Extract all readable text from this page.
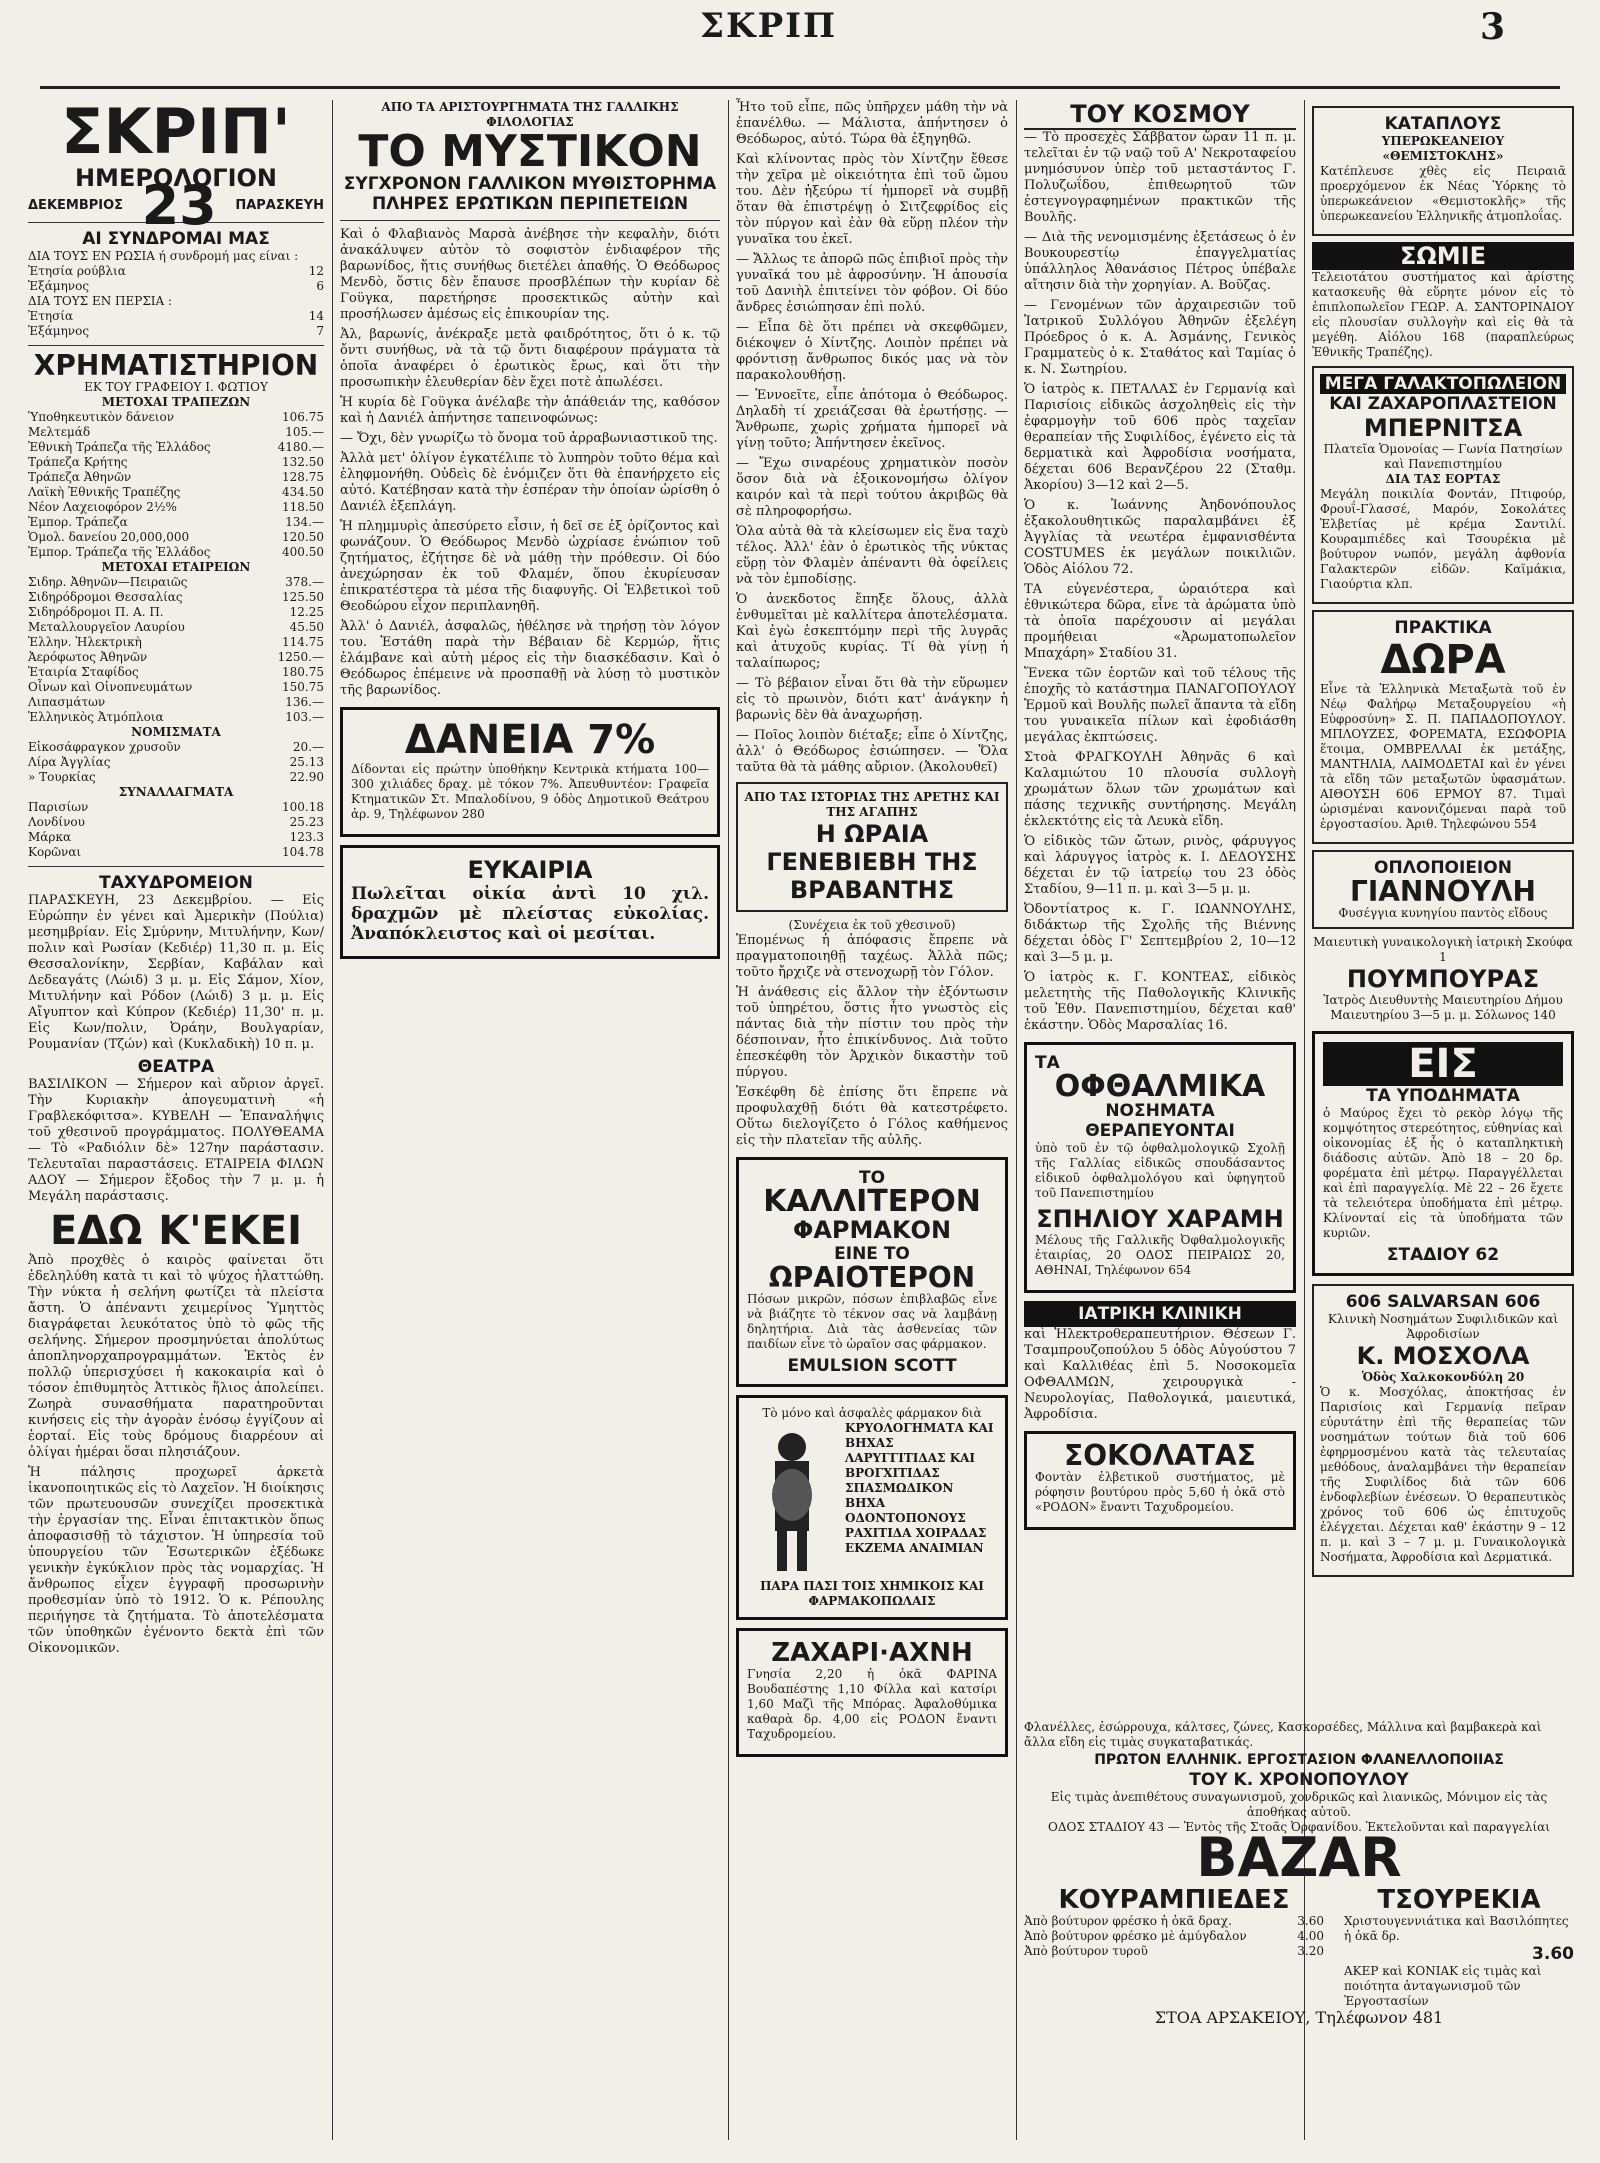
ΣΚΡΙΠ	3
ΣΚΡΙΠ'
ΗΜΕΡΟΛΟΓΙΟΝ
ΔΕΚΕΜΒΡΙΟΣ 23 ΠΑΡΑΣΚΕΥΗ
ΑΙ ΣΥΝΔΡΟΜΑΙ ΜΑΣ
ΔΙΑ ΤΟΥΣ ΕΝ ΡΩΣΙΑ ή συνδρομή μας είναι :
Ἐτησία ρούβλια	12
Ἑξάμηνος	6
ΔΙΑ ΤΟΥΣ ΕΝ ΠΕΡΣΙΑ :
Ἐτησία	14
Ἑξάμηνος	7
ΧΡΗΜΑΤΙΣΤΗΡΙΟΝ
ΕΚ ΤΟΥ ΓΡΑΦΕΙΟΥ Ι. ΦΩΤΙΟΥ
ΜΕΤΟΧΑΙ ΤΡΑΠΕΖΩΝ
Ὑποθηκευτικὸν δάνειον	106.75
Μελτεμάδ	105.—
Ἐθνικὴ Τράπεζα τῆς Ἑλλάδος	4180.—
Τράπεζα Κρήτης	132.50
Τράπεζα Ἀθηνῶν	128.75
Λαϊκὴ Ἐθνικῆς Τραπέζης	434.50
Νέον Λαχειοφόρον 2½%	118.50
Ἐμπορ. Τράπεζα	134.—
Ὁμολ. δανείου 20,000,000	120.50
Ἐμπορ. Τράπεζα τῆς Ἑλλάδος	400.50
ΜΕΤΟΧΑΙ ΕΤΑΙΡΕΙΩΝ
Σιδηρ. Ἀθηνῶν—Πειραιῶς	378.—
Σιδηρόδρομοι Θεσσαλίας	125.50
Σιδηρόδρομοι Π. Α. Π.	12.25
Μεταλλουργεῖον Λαυρίου	45.50
Ἑλλην. Ἠλεκτρικὴ	114.75
Ἀερόφωτος Ἀθηνῶν	1250.—
Ἑταιρία Σταφίδος	180.75
Οἶνων καὶ Οἰνοπνευμάτων	150.75
Λιπασμάτων	136.—
Ἑλληνικὸς Ἀτμόπλοια	103.—
ΝΟΜΙΣΜΑΤΑ
Εἰκοσάφραγκον χρυσοῦν	20.—
Λίρα Ἀγγλίας	25.13
» Τουρκίας	22.90
ΣΥΝΑΛΛΑΓΜΑΤΑ
Παρισίων	100.18
Λονδίνου	25.23
Μάρκα	123.3
Κορῶναι	104.78
ΤΑΧΥΔΡΟΜΕΙΟΝ

ΠΑΡΑΣΚΕΥΗ, 23 Δεκεμβρίου. — Εἰς Εὐρώπην ἐν γένει καὶ Ἀμερικὴν (Πούλια) μεσημβρίαν. Εἰς Σμύρνην, Μιτυλήνην, Κων/πολιν καὶ Ρωσίαν (Κεδιέρ) 11,30 π. μ. Εἰς Θεσσαλονίκην, Σερβίαν, Καβάλαν καὶ Δεδεαγάτς (Λώιδ) 3 μ. μ. Εἰς Σάμον, Χίον, Μιτυλήνην καὶ Ρόδον (Λώιδ) 3 μ. μ. Εἰς Αἴγυπτον καὶ Κύπρον (Κεδιέρ) 11,30' π. μ. Εἰς Κων/πολιν, Ὀράην, Βουλγαρίαν, Ρουμανίαν (Τζών) καὶ (Κυκλαδικὴ) 10 π. μ.

ΘΕΑΤΡΑ

ΒΑΣΙΛΙΚΟΝ — Σήμερον καὶ αὔριον ἀργεῖ. Τὴν Κυριακὴν ἀπογευματινὴ «ἡ Γραβλεκόφιτσα». ΚΥΒΕΛΗ — Ἐπαναλήψις τοῦ χθεσινοῦ προγράμματος. ΠΟΛΥΘΕΑΜΑ — Τὸ «Ραδιόλιν δὲ» 127ην παράστασιν. Τελευταῖαι παραστάσεις. ΕΤΑΙΡΕΙΑ ΦΙΛΩΝ ΑΔΟΥ — Σήμερον ἔξοδος τὴν 7 μ. μ. ἡ Μεγάλη παράστασις.

ΕΔΩ Κ'ΕΚΕΙ

Ἀπὸ προχθὲς ὁ καιρὸς φαίνεται ὅτι ἐδεληλύθη κατὰ τι καὶ τὸ ψύχος ἠλαττώθη. Τὴν νύκτα ἡ σελήνη φωτίζει τὰ πλείστα ἄστη. Ὁ ἀπέναντι χειμερίνος Ὑμηττὸς διαγράφεται λευκότατος ὑπὸ τὸ φῶς τῆς σελήνης. Σήμερον προσμηνύεται ἀπολύτως ἀποπληνορχαπρογραμμάτων. Ἐκτὸς ἐν πολλῷ ὑπερισχύσει ἡ κακοκαιρία καὶ ὁ τόσον ἐπιθυμητὸς Ἀττικὸς ἥλιος ἀπολείπει. Ζωηρὰ συνασθήματα παρατηροῦνται κινήσεις εἰς τὴν ἀγορὰν ἐνόσῳ ἐγγίζουν αἱ ἑορταί. Εἰς τοὺς δρόμους διαρρέουν αἱ ὀλίγαι ἡμέραι ὅσαι πλησιάζουν.

Ἡ πάλησις προχωρεῖ ἀρκετὰ ἱκανοποιητικῶς εἰς τὸ Λαχεῖον. Ἡ διοίκησις τῶν πρωτευουσῶν συνεχίζει προσεκτικὰ τὴν ἐργασίαν της. Εἶναι ἐπιτακτικὸν ὅπως ἀποφασισθῇ τὸ τάχιστον. Ἡ ὑπηρεσία τοῦ ὑπουργείου τῶν Ἐσωτερικῶν ἐξέδωκε γενικὴν ἐγκύκλιον πρὸς τὰς νομαρχίας. Ἡ ἄνθρωπος εἶχεν ἐγγραφῆ προσωρινὴν προθεσμίαν ὑπὸ τὸ 1912. Ὁ κ. Ρέπουλης περιήγησε τὰ ζητήματα. Τὸ ἀποτελέσματα τῶν ὑποθηκῶν ἐγένοντο δεκτὰ ἐπὶ τῶν Οἰκονομικῶν.

ΑΠΟ ΤΑ ΑΡΙΣΤΟΥΡΓΗΜΑΤΑ ΤΗΣ ΓΑΛΛΙΚΗΣ ΦΙΛΟΛΟΓΙΑΣ
ΤΟ ΜΥΣΤΙΚΟΝ
ΣΥΓΧΡΟΝΟΝ ΓΑΛΛΙΚΟΝ ΜΥΘΙΣΤΟΡΗΜΑ
ΠΛΗΡΕΣ ΕΡΩΤΙΚΩΝ ΠΕΡΙΠΕΤΕΙΩΝ

Καὶ ὁ Φλαβιανὸς Μαρσὰ ἀνέβησε τὴν κεφαλὴν, διότι ἀνακάλυψεν αὐτὸν τὸ σοφιστὸν ἐνδιαφέρον τῆς βαρωνίδος, ἥτις συνήθως διετέλει ἀπαθής. Ὁ Θεόδωρος Μενδὸ, ὅστις δὲν ἔπαυσε προσβλέπων τὴν κυρίαν δὲ Γοϋγκα, παρετήρησε προσεκτικῶς αὐτὴν καὶ προσήλωσεν ἀμέσως εἰς ἐπικουρίαν της.

Ἀλ, βαρωνίς, ἀνέκραξε μετὰ φαιδρότητος, ὅτι ὁ κ. τῷ ὄντι συνήθως, νὰ τὰ τῷ ὄντι διαφέρουν πράγματα τὰ ὁποῖα ἀναφέρει ὁ ἐρωτικὸς ἔρως, καὶ ὅτι τὴν προσωπικὴν ἐλευθερίαν δὲν ἔχει ποτὲ ἀπωλέσει.

Ἡ κυρία δὲ Γοϋγκα ἀνέλαβε τὴν ἀπάθειάν της, καθόσον καὶ ἡ Δανιέλ ἀπήντησε ταπεινοφώνως:

— Ὄχι, δὲν γνωρίζω τὸ ὄνομα τοῦ ἀρραβωνιαστικοῦ της.

Ἀλλὰ μετ' ὀλίγον ἐγκατέλιπε τὸ λυπηρὸν τοῦτο θέμα καὶ ἐληφμονήθη. Οὐδεὶς δὲ ἐνόμιζεν ὅτι θὰ ἐπανήρχετο εἰς αὐτό. Κατέβησαν κατὰ τὴν ἑσπέραν τὴν ὁποίαν ὡρίσθη ὁ Δανιέλ ἐξεπλάγη.

Ἡ πλημμυρὶς ἀπεσύρετο εἶσιν, ἡ δεῖ σε ἐξ ὁρίζοντος καὶ φωνάζουν. Ὁ Θεόδωρος Μενδὸ ὠχρίασε ἐνώπιον τοῦ ζητήματος, ἐζήτησε δὲ νὰ μάθῃ τὴν πρόθεσιν. Οἱ δύο ἀνεχώρησαν ἐκ τοῦ Φλαμέν, ὅπου ἐκυρίευσαν ἐπικρατέστερα τὰ μέσα τῆς διαφυγῆς. Οἱ Ἑλβετικοὶ τοῦ Θεοδώρου εἶχον περιπλανηθῆ.

Ἀλλ' ὁ Δανιέλ, ἀσφαλῶς, ἠθέλησε νὰ τηρήσῃ τὸν λόγον του. Ἐστάθη παρὰ τὴν Βέβαιαν δὲ Κερμώρ, ἥτις ἐλάμβανε καὶ αὐτὴ μέρος εἰς τὴν διασκέδασιν. Καὶ ὁ Θεόδωρος ἐπέμεινε νὰ προσπαθῇ νὰ λύσῃ τὸ μυστικὸν τῆς βαρωνίδος.

ΔΑΝΕΙΑ 7%

Δίδονται εἰς πρώτην ὑποθήκην Κεντρικὰ κτήματα 100—300 χιλιάδες δραχ. μὲ τόκον 7%. Ἀπευθυντέον: Γραφεῖα Κτηματικῶν Στ. Μπαλοδίνου, 9 ὁδὸς Δημοτικοῦ Θεάτρου ἀρ. 9, Τηλέφωνον 280

ΕΥΚΑΙΡΙΑ

Πωλεῖται οἰκία ἀντὶ 10 χιλ. δραχμῶν μὲ πλείστας εὐκολίας. Ἀναπόκλειστος καὶ οἱ μεσίται.

Ἦτο τοῦ εἶπε, πῶς ὑπῆρχεν μάθη τὴν νὰ ἐπανέλθω. — Μάλιστα, ἀπήντησεν ὁ Θεόδωρος, αὐτό. Τώρα θὰ ἐξηγηθῶ.

Καὶ κλίνοντας πρὸς τὸν Χίντζην ἔθεσε τὴν χεῖρα μὲ οἰκειότητα ἐπὶ τοῦ ὤμου του. Δὲν ἠξεύρω τί ἠμπορεῖ νὰ συμβῇ ὅταν θὰ ἐπιστρέψῃ ὁ Σιτζεφρίδος εἰς τὸν πύργον καὶ ἐὰν θὰ εὕρῃ πλέον τὴν γυναῖκα του ἐκεῖ.

— Ἄλλως τε ἀπορῶ πῶς ἐπιβιοῖ πρὸς τὴν γυναῖκά του μὲ ἀφροσύνην. Ἡ ἀπουσία τοῦ Δανιὴλ ἐπιτείνει τὸν φόβον. Οἱ δύο ἄνδρες ἐσιώπησαν ἐπὶ πολύ.

— Εἶπα δὲ ὅτι πρέπει νὰ σκεφθῶμεν, διέκοψεν ὁ Χίντζης. Λοιπὸν πρέπει νὰ φρόντισῃ ἄνθρωπος δικός μας νὰ τὸν παρακολουθήσῃ.

— Ἐννοεῖτε, εἶπε ἀπότομα ὁ Θεόδωρος. Δηλαδὴ τί χρειάζεσαι θὰ ἐρωτήσῃς. — Ἄνθρωπε, χωρὶς χρήματα ἠμπορεῖ νὰ γίνῃ τοῦτο; Ἀπήντησεν ἐκεῖνος.

— Ἔχω σιναρέους χρηματικὸν ποσὸν ὅσον διὰ νὰ ἐξοικονομήσω ὀλίγον καιρόν καὶ τὰ περὶ τούτου ἀκριβῶς θὰ σὲ πληροφορήσω.

Ὁλα αὐτὰ θὰ τὰ κλείσωμεν εἰς ἕνα ταχὺ τέλος. Ἀλλ' ἐὰν ὁ ἐρωτικὸς τῆς νύκτας εὕρῃ τὸν Φλαμὲν ἀπέναντι θὰ ὀφείλεις νὰ τὸν ἐμποδίσῃς.

Ὁ ἀνεκδοτος ἔπηξε ὅλους, ἀλλὰ ἐνθυμεῖται μὲ καλλίτερα ἀποτελέσματα. Καὶ ἐγὼ ἐσκεπτόμην περὶ τῆς λυγρᾶς καὶ ἀτυχοῦς κυρίας. Τί θὰ γίνῃ ἡ ταλαίπωρος;

— Τὸ βέβαιον εἶναι ὅτι θὰ τὴν εὕρωμεν εἰς τὸ πρωινὸν, διότι κατ' ἀνάγκην ἡ βαρωνὶς δὲν θὰ ἀναχωρήσῃ.

— Ποῖος λοιπὸν διέταξε; εἶπε ὁ Χίντζης, ἀλλ' ὁ Θεόδωρος ἐσιώπησεν. — Ὅλα ταῦτα θὰ τὰ μάθης αὔριον. (Ἀκολουθεῖ)

ΑΠΟ ΤΑΣ ΙΣΤΟΡΙΑΣ ΤΗΣ ΑΡΕΤΗΣ ΚΑΙ ΤΗΣ ΑΓΑΠΗΣ
Η ΩΡΑΙΑ ΓΕΝΕΒΙΕΒΗ ΤΗΣ ΒΡΑΒΑΝΤΗΣ
(Συνέχεια ἐκ τοῦ χθεσινοῦ)

Ἐπομένως ἡ ἀπόφασις ἔπρεπε νὰ πραγματοποιηθῇ ταχέως. Ἀλλὰ πῶς; τοῦτο ἤρχιζε νὰ στενοχωρῇ τὸν Γόλον.

Ἡ ἀνάθεσις εἰς ἄλλον τὴν ἐξόντωσιν τοῦ ὑπηρέτου, ὅστις ἦτο γνωστὸς εἰς πάντας διὰ τὴν πίστιν του πρὸς τὴν δέσποιναν, ἦτο ἐπικίνδυνος. Διὰ τοῦτο ἐπεσκέφθη τὸν Ἀρχικὸν δικαστὴν τοῦ πύργου.

Ἐσκέφθη δὲ ἐπίσης ὅτι ἔπρεπε νὰ προφυλαχθῇ διότι θὰ κατεστρέφετο. Οὕτω διελογίζετο ὁ Γόλος καθήμενος εἰς τὴν πλατεῖαν τῆς αὐλῆς.

ΤΟ
ΚΑΛΛΙΤΕΡΟΝ
ΦΑΡΜΑΚΟΝ
ΕΙΝΕ ΤΟ
ΩΡΑΙΟΤΕΡΟΝ

Πόσων μικρῶν, πόσων ἐπιβλαβῶς εἶνε νὰ βιάζητε τὸ τέκνον σας νὰ λαμβάνῃ δηλητήρια. Διὰ τὰς ἀσθενείας τῶν παιδίων εἶνε τὸ ὡραῖον σας φάρμακον.

EMULSION SCOTT
Τὸ μόνο καὶ ἀσφαλὲς φάρμακον διὰ
ΚΡΥΟΛΟΓΗΜΑΤΑ ΚΑΙ ΒΗΧΑΣ ΛΑΡΥΓΓΙΤΙΔΑΣ ΚΑΙ ΒΡΟΓΧΙΤΙΔΑΣ ΣΠΑΣΜΩΔΙΚΟΝ ΒΗΧΑ ΟΔΟΝΤΟΠΟΝΟΥΣ ΡΑΧΙΤΙΔΑ ΧΟΙΡΑΔΑΣ ΕΚΖΕΜΑ ΑΝΑΙΜΙΑΝ
ΠΑΡΑ ΠΑΣΙ ΤΟΙΣ ΧΗΜΙΚΟΙΣ ΚΑΙ ΦΑΡΜΑΚΟΠΩΛΑΙΣ
ΖΑΧΑΡΙ·ΑΧΝΗ

Γνησία 2,20 ἡ ὀκᾶ ΦΑΡΙΝΑ Βουδαπέστης 1,10 Φίλλα καὶ κατσίρι 1,60 Μαζὶ τῆς Μπόρας. Ἀφαλοθύμικα καθαρὰ δρ. 4,00 εἰς ΡΟΔΟΝ ἔναντι Ταχυδρομείου.

ΤΟΥ ΚΟΣΜΟΥ

— Τὸ προσεχὲς Σάββατον ὥραν 11 π. μ. τελεῖται ἐν τῷ ναῷ τοῦ Α' Νεκροταφείου μνημόσυνον ὑπὲρ τοῦ μεταστάντος Γ. Πολυζωΐδου, ἐπιθεωρητοῦ τῶν ἐστεγνογραφημένων πρακτικῶν τῆς Βουλῆς.

— Διὰ τῆς νενομισμένης ἐξετάσεως ὁ ἐν Βουκουρεστίῳ ἐπαγγελματίας ὑπάλληλος Ἀθανάσιος Πέτρος ὑπέβαλε αἴτησιν διὰ τὴν χορηγίαν. Α. Βοῦζας.

— Γενομένων τῶν ἀρχαιρεσιῶν τοῦ Ἰατρικοῦ Συλλόγου Ἀθηνῶν ἐξελέγη Πρόεδρος ὁ κ. Α. Ἀσμάνης, Γενικὸς Γραμματεὺς ὁ κ. Σταθάτος καὶ Ταμίας ὁ κ. Ν. Σωτηρίου.

Ὁ ἰατρὸς κ. ΠΕΤΑΛΑΣ ἐν Γερμανίᾳ καὶ Παρισίοις εἰδικῶς ἀσχοληθεὶς εἰς τὴν ἐφαρμογὴν τοῦ 606 πρὸς ταχεῖαν θεραπείαν τῆς Συφιλίδος, ἐγένετο εἰς τὰ δερματικὰ καὶ Ἀφροδίσια νοσήματα, δέχεται 606 Βερανζέρου 22 (Σταθμ. Ἀκορίου) 3—12 καὶ 2—5.

Ὁ κ. Ἰωάννης Ἀηδονόπουλος ἐξακολουθητικῶς παραλαμβάνει ἐξ Ἀγγλίας τὰ νεωτέρα ἐμφανισθέντα COSTUMES ἐκ μεγάλων ποικιλιῶν. Ὁδὸς Αἰόλου 72.

ΤΑ εὐγενέστερα, ὡραιότερα καὶ ἐθνικώτερα δῶρα, εἶνε τὰ ἀρώματα ὑπὸ τὰ ὁποῖα παρέχουσιν αἱ μεγάλαι προμήθειαι «Ἀρωματοπωλεῖον Μπαχάρη» Σταδίου 31.

Ἕνεκα τῶν ἑορτῶν καὶ τοῦ τέλους τῆς ἐποχῆς τὸ κατάστημα ΠΑΝΑΓΟΠΟΥΛΟΥ Ἑρμοῦ καὶ Βουλῆς πωλεῖ ἅπαντα τὰ εἴδη του γυναικεῖα πίλων καὶ ἐφοδιάσθη μεγάλας ἐκπτώσεις.

Στοὰ ΦΡΑΓΚΟΥΛΗ Ἀθηνᾶς 6 καὶ Καλαμιώτου 10 πλουσία συλλογὴ χρωμάτων ὅλων τῶν χρωμάτων καὶ πάσης τεχνικῆς συντήρησης. Μεγάλη ἐκλεκτότης εἰς τὰ Λευκὰ εἴδη.

Ὁ εἰδικὸς τῶν ὤτων, ρινὸς, φάρυγγος καὶ λάρυγγος ἰατρὸς κ. Ι. ΔΕΔΟΥΣΗΣ δέχεται ἐν τῷ ἰατρείῳ του 23 ὁδὸς Σταδίου, 9—11 π. μ. καὶ 3—5 μ. μ.

Ὀδοντίατρος κ. Γ. ΙΩΑΝΝΟΥΛΗΣ, διδάκτωρ τῆς Σχολῆς τῆς Βιέννης δέχεται ὁδὸς Γ' Σεπτεμβρίου 2, 10—12 καὶ 3—5 μ. μ.

Ὁ ἰατρὸς κ. Γ. ΚΟΝΤΕΑΣ, εἰδικὸς μελετητὴς τῆς Παθολογικῆς Κλινικῆς τοῦ Ἐθν. Πανεπιστημίου, δέχεται καθ' ἑκάστην. Ὁδὸς Μαρσαλίας 16.

ΤΑ
ΟΦΘΑΛΜΙΚΑ
ΝΟΣΗΜΑΤΑ
ΘΕΡΑΠΕΥΟΝΤΑΙ

ὑπὸ τοῦ ἐν τῷ ὀφθαλμολογικῷ Σχολῇ τῆς Γαλλίας εἰδικῶς σπουδάσαντος εἰδικοῦ ὀφθαλμολόγου καὶ ὑφηγητοῦ τοῦ Πανεπιστημίου

ΣΠΗΛΙΟΥ ΧΑΡΑΜΗ

Μέλους τῆς Γαλλικῆς Ὀφθαλμολογικῆς ἑταιρίας, 20 ΟΔΟΣ ΠΕΙΡΑΙΩΣ 20, ΑΘΗΝΑΙ, Τηλέφωνον 654

ΙΑΤΡΙΚΗ ΚΛΙΝΙΚΗ

καὶ Ἠλεκτροθεραπευτήριον. Θέσεων Γ. Τσαμπρουζοπούλου 5 ὁδὸς Αὐγούστου 7 καὶ Καλλιθέας ἐπὶ 5. Νοσοκομεῖα ΟΦΘΑΛΜΩΝ, χειρουργικὰ - Νευρολογίας, Παθολογικά, μαιευτικά, Ἀφροδίσια.

ΣΟΚΟΛΑΤΑΣ

Φοντὰν ἐλβετικοῦ συστήματος, μὲ ρόφησιν βουτύρου πρὸς 5,60 ἡ ὀκᾶ στὸ «ΡΟΔΟΝ» ἔναντι Ταχυδρομείου.

ΚΑΤΑΠΛΟΥΣ
ΥΠΕΡΩΚΕΑΝΕΙΟΥ «ΘΕΜΙΣΤΟΚΛΗΣ»

Κατέπλευσε χθὲς εἰς Πειραιᾶ προερχόμενον ἐκ Νέας Ὑόρκης τὸ ὑπερωκεάνειον «Θεμιστοκλῆς» τῆς ὑπερωκεανείου Ἑλληνικῆς ἀτμοπλοΐας.

ΣΩΜΙΕ

Τελειοτάτου συστήματος καὶ ἀρίστης κατασκευῆς θὰ εὕρητε μόνον εἰς τὸ ἐπιπλοπωλεῖον ΓΕΩΡ. Α. ΣΑΝΤΟΡΙΝΑΙΟΥ εἰς πλουσίαν συλλογὴν καὶ εἰς θὰ τὰ μεγέθη. Αἰόλου 168 (παραπλεύρως Ἐθνικῆς Τραπέζης).

ΜΕΓΑ ΓΑΛΑΚΤΟΠΩΛΕΙΟΝ
ΚΑΙ ΖΑΧΑΡΟΠΛΑΣΤΕΙΟΝ
ΜΠΕΡΝΙΤΣΑ
Πλατεῖα Ὁμονοίας — Γωνία Πατησίων καὶ Πανεπιστημίου
ΔΙΑ ΤΑΣ ΕΟΡΤΑΣ

Μεγάλη ποικιλία Φοντάν, Πτιφούρ, Φρουΐ-Γλασσέ, Μαρόν, Σοκολάτες Ἑλβετίας μὲ κρέμα Σαντιλί. Κουραμπιέδες καὶ Τσουρέκια μὲ βούτυρον νωπόν, μεγάλη ἀφθονία Γαλακτερῶν εἰδῶν. Καϊμάκια, Γιαούρτια κλπ.

ΠΡΑΚΤΙΚΑ
ΔΩΡΑ

Εἶνε τὰ Ἑλληνικὰ Μεταξωτὰ τοῦ ἐν Νέῳ Φαλήρῳ Μεταξουργείου «ἡ Εὐφροσύνη» Σ. Π. ΠΑΠΑΔΟΠΟΥΛΟΥ. ΜΠΛΟΥΖΕΣ, ΦΟΡΕΜΑΤΑ, ΕΣΩΦΟΡΙΑ ἕτοιμα, ΟΜΒΡΕΛΛΑΙ ἐκ μετάξης, ΜΑΝΤΗΛΙΑ, ΛΑΙΜΟΔΕΤΑΙ καὶ ἐν γένει τὰ εἴδη τῶν μεταξωτῶν ὑφασμάτων. ΑΙΘΟΥΣΗ 606 ΕΡΜΟΥ 87. Τιμαὶ ὡρισμέναι κανονιζόμεναι παρὰ τοῦ ἐργοστασίου. Ἀριθ. Τηλεφώνου 554

ΟΠΛΟΠΟΙΕΙΟΝ
ΓΙΑΝΝΟΥΛΗ
Φυσέγγια κυνηγίου παντὸς εἴδους
Μαιευτικὴ γυναικολογικὴ ἰατρικὴ Σκούφα 1
ΠΟΥΜΠΟΥΡΑΣ
Ἰατρὸς Διευθυντὴς Μαιευτηρίου Δήμου Μαιευτηρίου 3—5 μ. μ. Σόλωνος 140
ΕΙΣ
ΤΑ ΥΠΟΔΗΜΑΤΑ

ὁ Μαύρος ἔχει τὸ ρεκὸρ λόγῳ τῆς κομψότητος στερεότητος, εὐθηνίας καὶ οἰκονομίας ἐξ ἧς ὁ καταπληκτικὴ διάδοσις αὐτῶν. Ἀπὸ 18 – 20 δρ. φορέματα ἐπὶ μέτρῳ. Παραγγέλλεται καὶ ἐπὶ παραγγελίᾳ. Μὲ 22 – 26 ἔχετε τὰ τελειότερα ὑποδήματα ἐπὶ μέτρῳ. Κλίνονταί εἰς τὰ ὑποδήματα τῶν κυριῶν.

ΣΤΑΔΙΟΥ 62
606 SALVARSAN 606
Κλινικὴ Νοσημάτων Συφιλιδικῶν καὶ Ἀφροδισίων
Κ. ΜΟΣΧΟΛΑ
Ὁδὸς Χαλκοκονδύλη 20

Ὁ κ. Μοσχόλας, ἀποκτήσας ἐν Παρισίοις καὶ Γερμανίᾳ πεῖραν εὐρυτάτην ἐπὶ τῆς θεραπείας τῶν νοσημάτων τούτων διὰ τοῦ 606 ἐφηρμοσμένου κατὰ τὰς τελευταίας μεθόδους, ἀναλαμβάνει τὴν θεραπείαν τῆς Συφιλίδος διὰ τῶν 606 ἐνδοφλεβίων ἐνέσεων. Ὁ θεραπευτικὸς χρόνος τοῦ 606 ὡς ἐπιτυχοῦς ἐλέγχεται. Δέχεται καθ' ἑκάστην 9 – 12 π. μ. καὶ 3 – 7 μ. μ. Γυναικολογικὰ Νοσήματα, Ἀφροδίσια καὶ Δερματικά.

Φλανέλλες, ἐσώρρουχα, κάλτσες, ζώνες, Κασκορσέδες, Μάλλινα καὶ βαμβακερὰ καὶ ἄλλα εἴδη εἰς τιμὰς συγκαταβατικάς.
ΠΡΩΤΟΝ ΕΛΛΗΝΙΚ. ΕΡΓΟΣΤΑΣΙΟΝ ΦΛΑΝΕΛΛΟΠΟΙΙΑΣ
ΤΟΥ Κ. ΧΡΟΝΟΠΟΥΛΟΥ
Εἰς τιμὰς ἀνεπιθέτους συναγωνισμοῦ, χονδρικῶς καὶ λιανικῶς, Μόνιμον εἰς τὰς ἀποθήκας αὐτοῦ.
ΟΔΟΣ ΣΤΑΔΙΟΥ 43 — Ἐντὸς τῆς Στοᾶς Ὀρφανίδου. Ἐκτελοῦνται καὶ παραγγελίαι
BAZAR
ΚΟΥΡΑΜΠΙΕΔΕΣ
Ἀπὸ βούτυρον φρέσκο ἡ ὀκᾶ δραχ.	3.60
Ἀπὸ βούτυρον φρέσκο μὲ ἀμύγδαλον	4.00
Ἀπὸ βούτυρον τυροῦ	3.20
ΤΣΟΥΡΕΚΙΑ
Χριστουγεννιάτικα καὶ Βασιλόπητες ἡ ὀκᾶ δρ.
3.60
ΑΚΕΡ καὶ ΚΟΝΙΑΚ εἰς τιμὰς καὶ ποιότητα ἀνταγωνισμοῦ τῶν Ἐργοστασίων
ΣΤΟΑ ΑΡΣΑΚΕΙΟΥ, Τηλέφωνον 481
